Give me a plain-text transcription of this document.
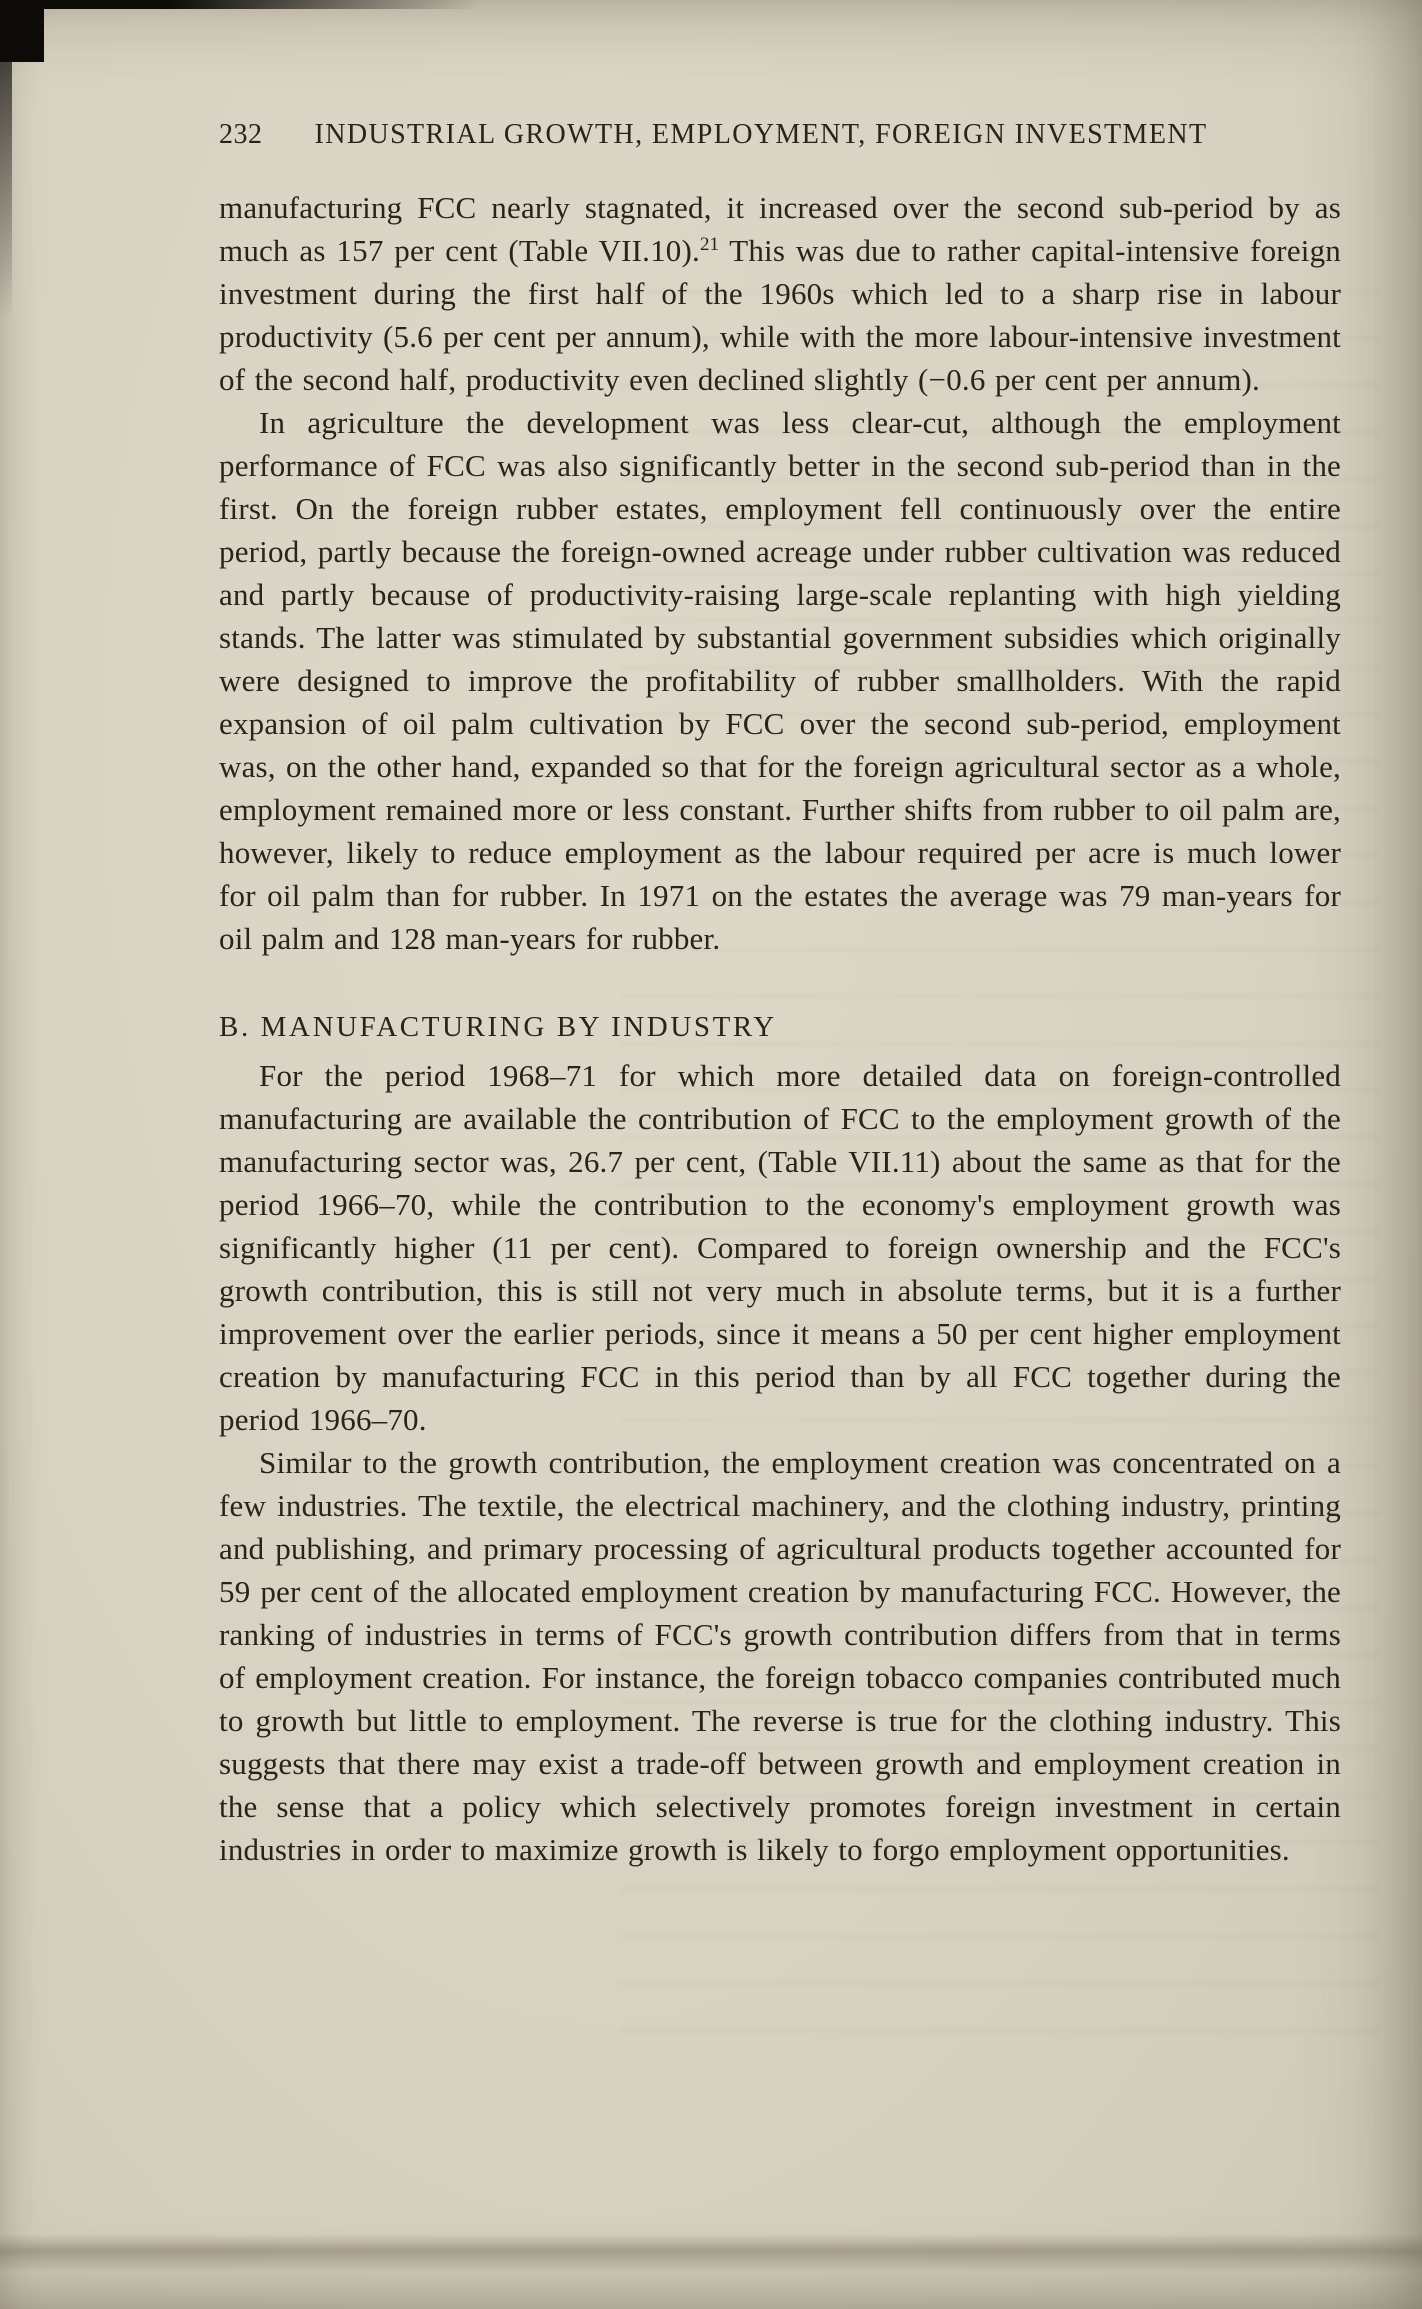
232 INDUSTRIAL GROWTH, EMPLOYMENT, FOREIGN INVESTMENT

manufacturing FCC nearly stagnated, it increased over the second sub-period by as much as 157 per cent (Table VII.10).$^{21}$ This was due to rather capital-intensive foreign investment during the first half of the 1960s which led to a sharp rise in labour productivity (5.6 per cent per annum), while with the more labour-intensive investment of the second half, productivity even declined slightly (−0.6 per cent per annum).

In agriculture the development was less clear-cut, although the employment performance of FCC was also significantly better in the second sub-period than in the first. On the foreign rubber estates, employment fell continuously over the entire period, partly because the foreign-owned acreage under rubber cultivation was reduced and partly because of productivity-raising large-scale replanting with high yielding stands. The latter was stimulated by substantial government subsidies which originally were designed to improve the profitability of rubber smallholders. With the rapid expansion of oil palm cultivation by FCC over the second sub-period, employment was, on the other hand, expanded so that for the foreign agricultural sector as a whole, employment remained more or less constant. Further shifts from rubber to oil palm are, however, likely to reduce employment as the labour required per acre is much lower for oil palm than for rubber. In 1971 on the estates the average was 79 man-years for oil palm and 128 man-years for rubber.

B. MANUFACTURING BY INDUSTRY

For the period 1968–71 for which more detailed data on foreign-controlled manufacturing are available the contribution of FCC to the employment growth of the manufacturing sector was, 26.7 per cent, (Table VII.11) about the same as that for the period 1966–70, while the contribution to the economy's employment growth was significantly higher (11 per cent). Compared to foreign ownership and the FCC's growth contribution, this is still not very much in absolute terms, but it is a further improvement over the earlier periods, since it means a 50 per cent higher employment creation by manufacturing FCC in this period than by all FCC together during the period 1966–70.

Similar to the growth contribution, the employment creation was concentrated on a few industries. The textile, the electrical machinery, and the clothing industry, printing and publishing, and primary processing of agricultural products together accounted for 59 per cent of the allocated employment creation by manufacturing FCC. However, the ranking of industries in terms of FCC's growth contribution differs from that in terms of employment creation. For instance, the foreign tobacco companies contributed much to growth but little to employment. The reverse is true for the clothing industry. This suggests that there may exist a trade-off between growth and employment creation in the sense that a policy which selectively promotes foreign investment in certain industries in order to maximize growth is likely to forgo employment opportunities.
